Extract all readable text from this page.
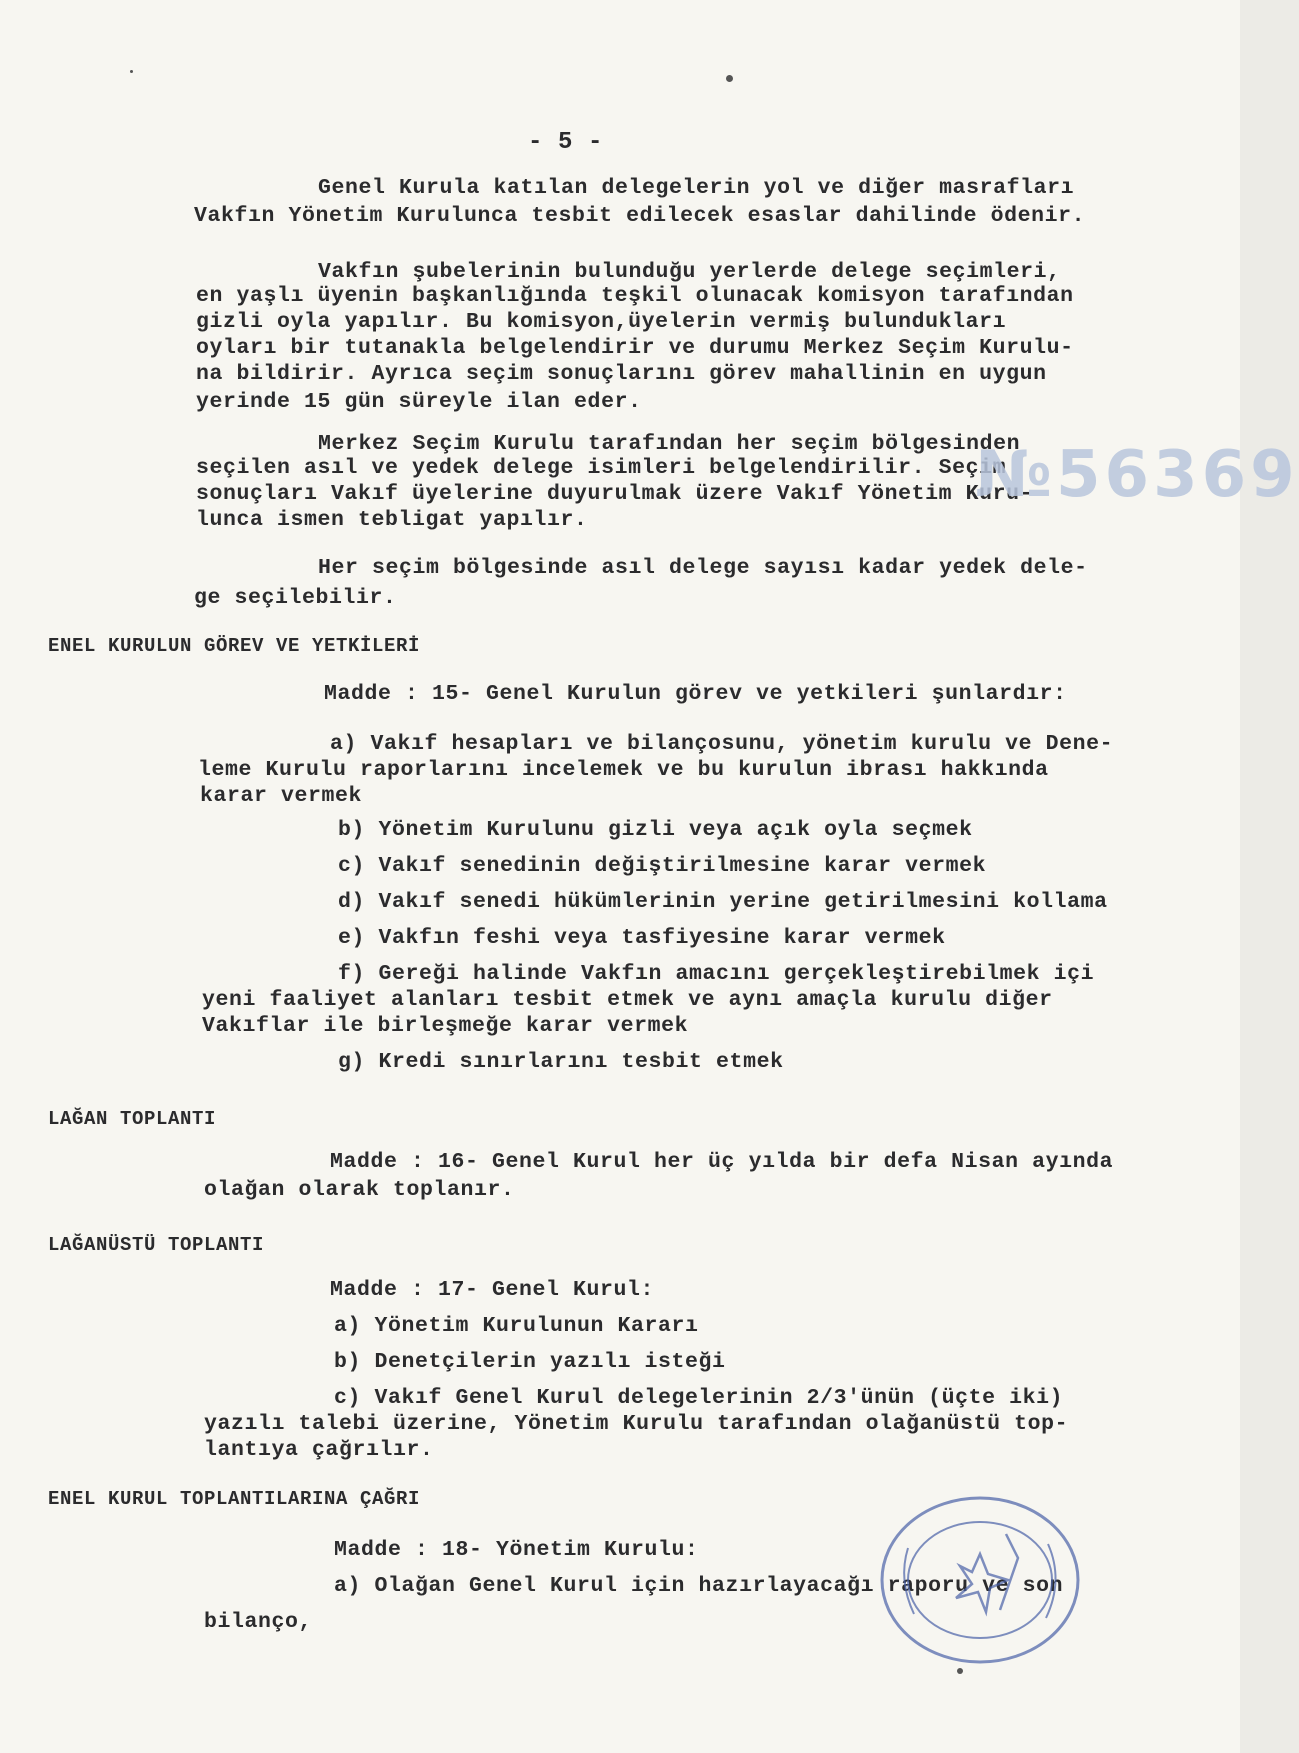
- 5 -
Genel Kurula katılan delegelerin yol ve diğer masrafları
Vakfın Yönetim Kurulunca tesbit edilecek esaslar dahilinde ödenir.
Vakfın şubelerinin bulunduğu yerlerde delege seçimleri,
en yaşlı üyenin başkanlığında teşkil olunacak komisyon tarafından
gizli oyla yapılır. Bu komisyon,üyelerin vermiş bulundukları
oyları bir tutanakla belgelendirir ve durumu Merkez Seçim Kurulu-
na bildirir. Ayrıca seçim sonuçlarını görev mahallinin en uygun
yerinde 15 gün süreyle ilan eder.
Merkez Seçim Kurulu tarafından her seçim bölgesinden
seçilen asıl ve yedek delege isimleri belgelendirilir. Seçim
sonuçları Vakıf üyelerine duyurulmak üzere Vakıf Yönetim Kuru-
lunca ismen tebligat yapılır.
№56369
Her seçim bölgesinde asıl delege sayısı kadar yedek dele-
ge seçilebilir.
ENEL KURULUN GÖREV VE YETKİLERİ
Madde : 15- Genel Kurulun görev ve yetkileri şunlardır:
a) Vakıf hesapları ve bilançosunu, yönetim kurulu ve Dene-
leme Kurulu raporlarını incelemek ve bu kurulun ibrası hakkında
karar vermek
b) Yönetim Kurulunu gizli veya açık oyla seçmek
c) Vakıf senedinin değiştirilmesine karar vermek
d) Vakıf senedi hükümlerinin yerine getirilmesini kollama
e) Vakfın feshi veya tasfiyesine karar vermek
f) Gereği halinde Vakfın amacını gerçekleştirebilmek içi
yeni faaliyet alanları tesbit etmek ve aynı amaçla kurulu diğer
Vakıflar ile birleşmeğe karar vermek
g) Kredi sınırlarını tesbit etmek
LAĞAN TOPLANTI
Madde : 16- Genel Kurul her üç yılda bir defa Nisan ayında
olağan olarak toplanır.
LAĞANÜSTÜ TOPLANTI
Madde : 17- Genel Kurul:
a) Yönetim Kurulunun Kararı
b) Denetçilerin yazılı isteği
c) Vakıf Genel Kurul delegelerinin 2/3'ünün (üçte iki)
yazılı talebi üzerine, Yönetim Kurulu tarafından olağanüstü top-
lantıya çağrılır.
ENEL KURUL TOPLANTILARINA ÇAĞRI
Madde : 18- Yönetim Kurulu:
a) Olağan Genel Kurul için hazırlayacağı raporu ve son
bilanço,
